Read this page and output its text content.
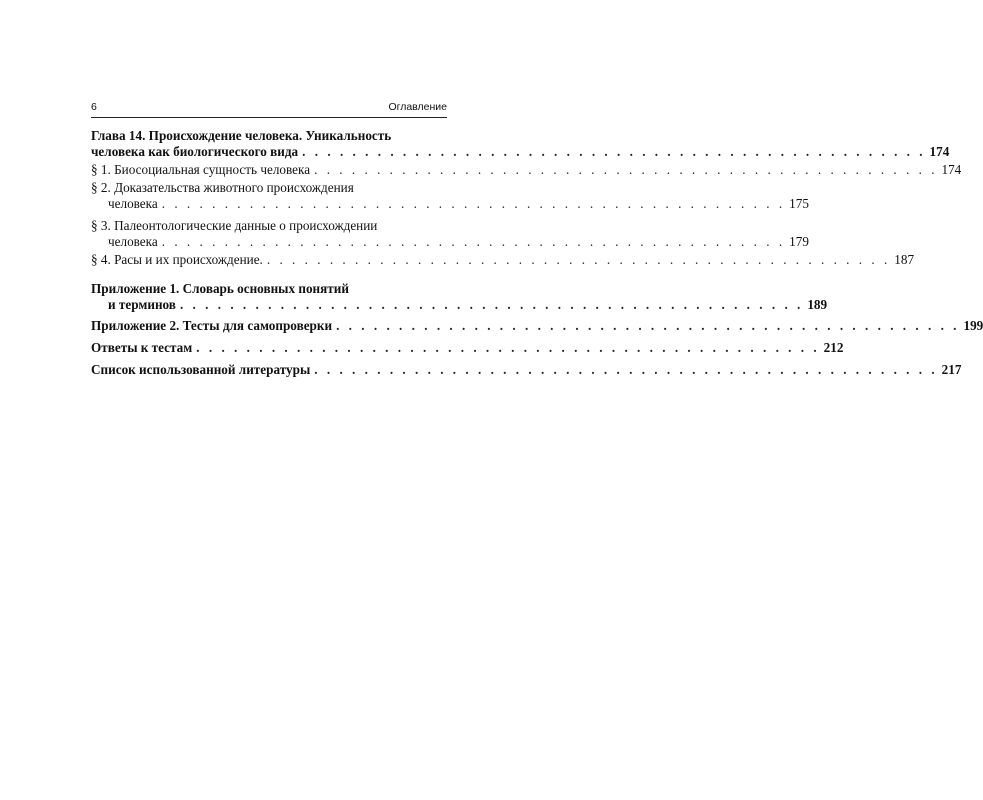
6	Оглавление
Глава 14. Происхождение человека. Уникальность
человека как биологического вида . . . . . . . . . . . . . . . . . . . . . . . . . . . . . . . . . . . . . . . . . . . . . . . . . . 174
§ 1. Биосоциальная сущность человека . . . . . . . . . . . . . . . . . . . . . . . . . . . . . . . . . . . . . . . . . . . . . . . . . . 174
§ 2. Доказательства животного происхождения
человека . . . . . . . . . . . . . . . . . . . . . . . . . . . . . . . . . . . . . . . . . . . . . . . . . . 175
§ 3. Палеонтологические данные о происхождении
человека . . . . . . . . . . . . . . . . . . . . . . . . . . . . . . . . . . . . . . . . . . . . . . . . . . 179
§ 4. Расы и их происхождение. . . . . . . . . . . . . . . . . . . . . . . . . . . . . . . . . . . . . . . . . . . . . . . . . . . 187
Приложение 1. Словарь основных понятий
и терминов . . . . . . . . . . . . . . . . . . . . . . . . . . . . . . . . . . . . . . . . . . . . . . . . . . 189
Приложение 2. Тесты для самопроверки . . . . . . . . . . . . . . . . . . . . . . . . . . . . . . . . . . . . . . . . . . . . . . . . . . 199
Ответы к тестам . . . . . . . . . . . . . . . . . . . . . . . . . . . . . . . . . . . . . . . . . . . . . . . . . . 212
Список использованной литературы . . . . . . . . . . . . . . . . . . . . . . . . . . . . . . . . . . . . . . . . . . . . . . . . . . 217
